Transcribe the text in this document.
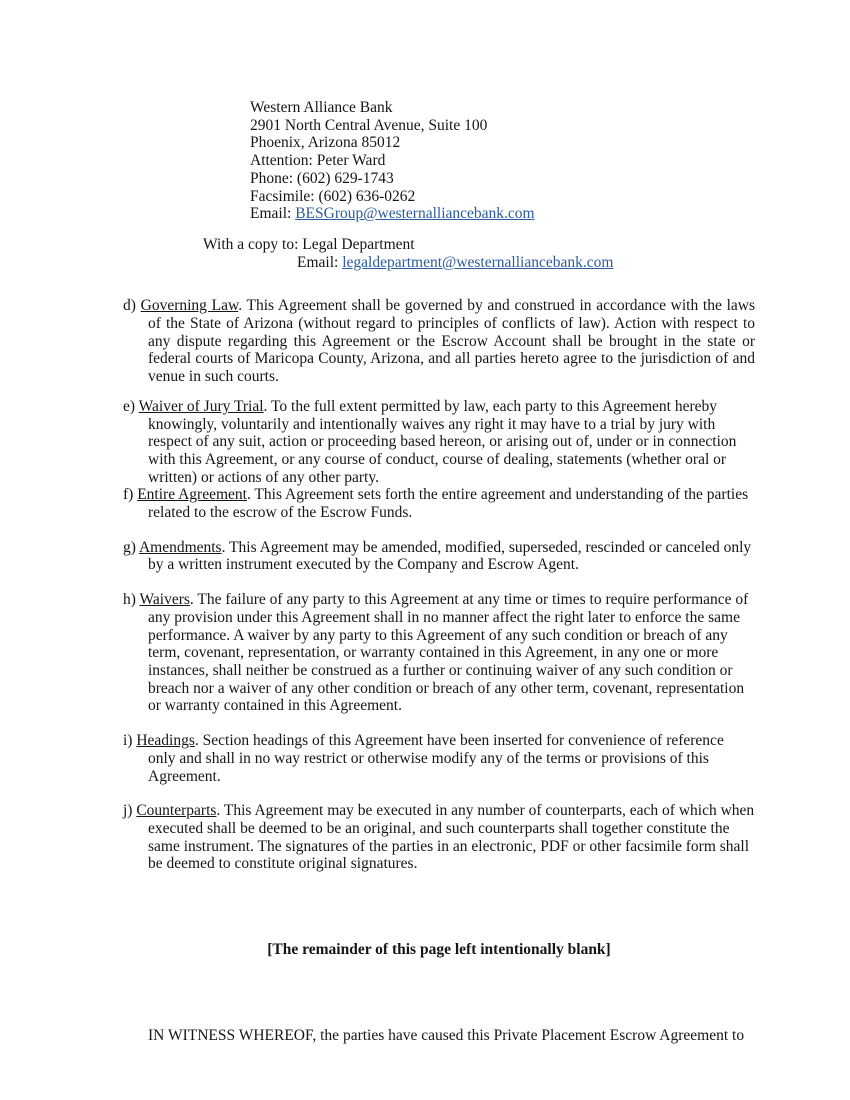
Western Alliance Bank
2901 North Central Avenue, Suite 100
Phoenix, Arizona 85012
Attention: Peter Ward
Phone: (602) 629-1743
Facsimile: (602) 636-0262
Email: BESGroup@westernalliancebank.com
With a copy to: Legal Department
Email: legaldepartment@westernalliancebank.com

d) Governing Law. This Agreement shall be governed by and construed in accordance with the laws of the State of Arizona (without regard to principles of conflicts of law). Action with respect to any dispute regarding this Agreement or the Escrow Account shall be brought in the state or federal courts of Maricopa County, Arizona, and all parties hereto agree to the jurisdiction of and venue in such courts.

e) Waiver of Jury Trial. To the full extent permitted by law, each party to this Agreement hereby knowingly, voluntarily and intentionally waives any right it may have to a trial by jury with respect of any suit, action or proceeding based hereon, or arising out of, under or in connection with this Agreement, or any course of conduct, course of dealing, statements (whether oral or written) or actions of any other party.

f) Entire Agreement. This Agreement sets forth the entire agreement and understanding of the parties related to the escrow of the Escrow Funds.

g) Amendments. This Agreement may be amended, modified, superseded, rescinded or canceled only by a written instrument executed by the Company and Escrow Agent.

h) Waivers. The failure of any party to this Agreement at any time or times to require performance of any provision under this Agreement shall in no manner affect the right later to enforce the same performance. A waiver by any party to this Agreement of any such condition or breach of any term, covenant, representation, or warranty contained in this Agreement, in any one or more instances, shall neither be construed as a further or continuing waiver of any such condition or breach nor a waiver of any other condition or breach of any other term, covenant, representation or warranty contained in this Agreement.

i) Headings. Section headings of this Agreement have been inserted for convenience of reference only and shall in no way restrict or otherwise modify any of the terms or provisions of this Agreement.

j) Counterparts. This Agreement may be executed in any number of counterparts, each of which when executed shall be deemed to be an original, and such counterparts shall together constitute the same instrument. The signatures of the parties in an electronic, PDF or other facsimile form shall be deemed to constitute original signatures.

[The remainder of this page left intentionally blank]
IN WITNESS WHEREOF, the parties have caused this Private Placement Escrow Agreement to
